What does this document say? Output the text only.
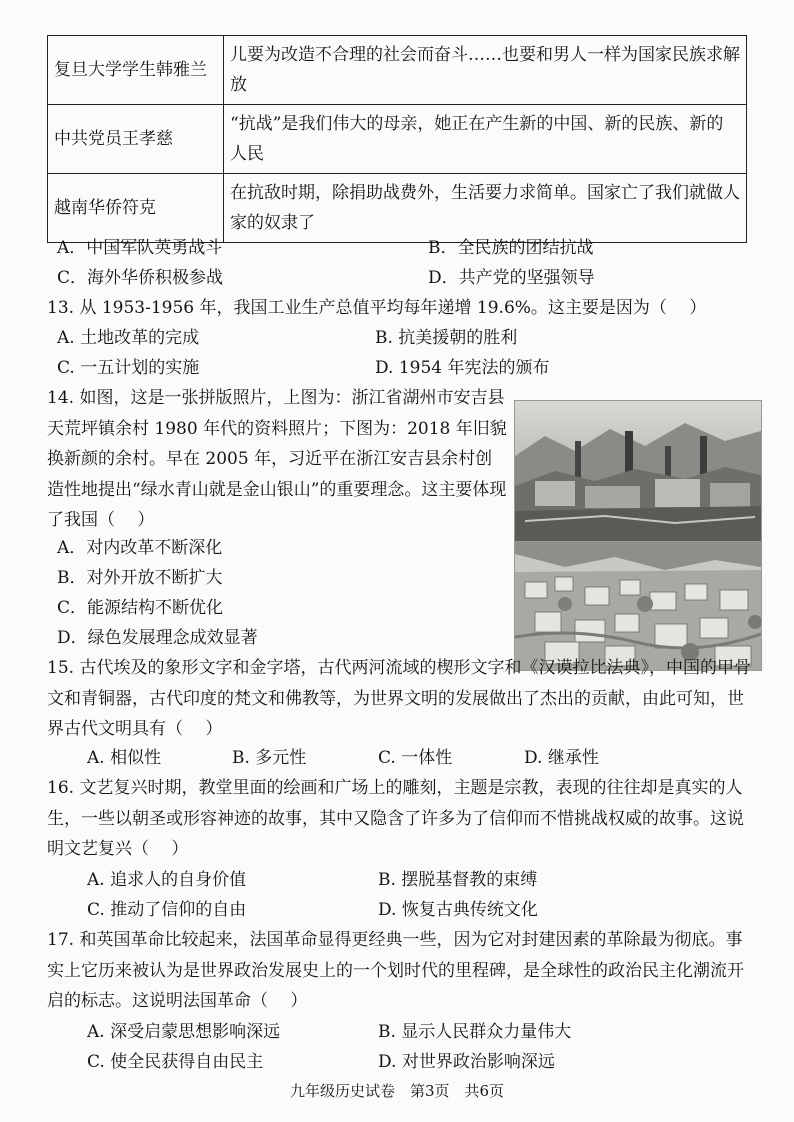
复旦大学学生韩雅兰	儿要为改造不合理的社会而奋斗……也要和男人一样为国家民族求解放
中共党员王孝慈	“抗战”是我们伟大的母亲，她正在产生新的中国、新的民族、新的人民
越南华侨符克	在抗敌时期，除捐助战费外，生活要力求简单。国家亡了我们就做人家的奴隶了
A．中国军队英勇战斗	B．全民族的团结抗战
C．海外华侨积极参战	D．共产党的坚强领导
13. 从 1953-1956 年，我国工业生产总值平均每年递增 19.6%。这主要是因为（　 ）
A. 土地改革的完成	B. 抗美援朝的胜利
C. 一五计划的实施	D. 1954 年宪法的颁布
14. 如图，这是一张拼版照片，上图为：浙江省湖州市安吉县天荒坪镇余村 1980 年代的资料照片；下图为：2018 年旧貌换新颜的余村。早在 2005 年，习近平在浙江安吉县余村创造性地提出“绿水青山就是金山银山”的重要理念。这主要体现了我国（　 ）
A．对内改革不断深化
B．对外开放不断扩大
C．能源结构不断优化
D．绿色发展理念成效显著
15. 古代埃及的象形文字和金字塔，古代两河流域的楔形文字和《汉谟拉比法典》，中国的甲骨文和青铜器，古代印度的梵文和佛教等，为世界文明的发展做出了杰出的贡献，由此可知，世界古代文明具有（　 ）
A. 相似性	B. 多元性	C. 一体性	D. 继承性
16. 文艺复兴时期，教堂里面的绘画和广场上的雕刻，主题是宗教，表现的往往却是真实的人生，一些以朝圣或形容神迹的故事，其中又隐含了许多为了信仰而不惜挑战权威的故事。这说明文艺复兴（　 ）
A. 追求人的自身价值	B. 摆脱基督教的束缚
C. 推动了信仰的自由	D. 恢复古典传统文化
17. 和英国革命比较起来，法国革命显得更经典一些，因为它对封建因素的革除最为彻底。事实上它历来被认为是世界政治发展史上的一个划时代的里程碑，是全球性的政治民主化潮流开启的标志。这说明法国革命（　 ）
A. 深受启蒙思想影响深远	B. 显示人民群众力量伟大
C. 使全民获得自由民主	D. 对世界政治影响深远
九年级历史试卷　第3页　共6页
